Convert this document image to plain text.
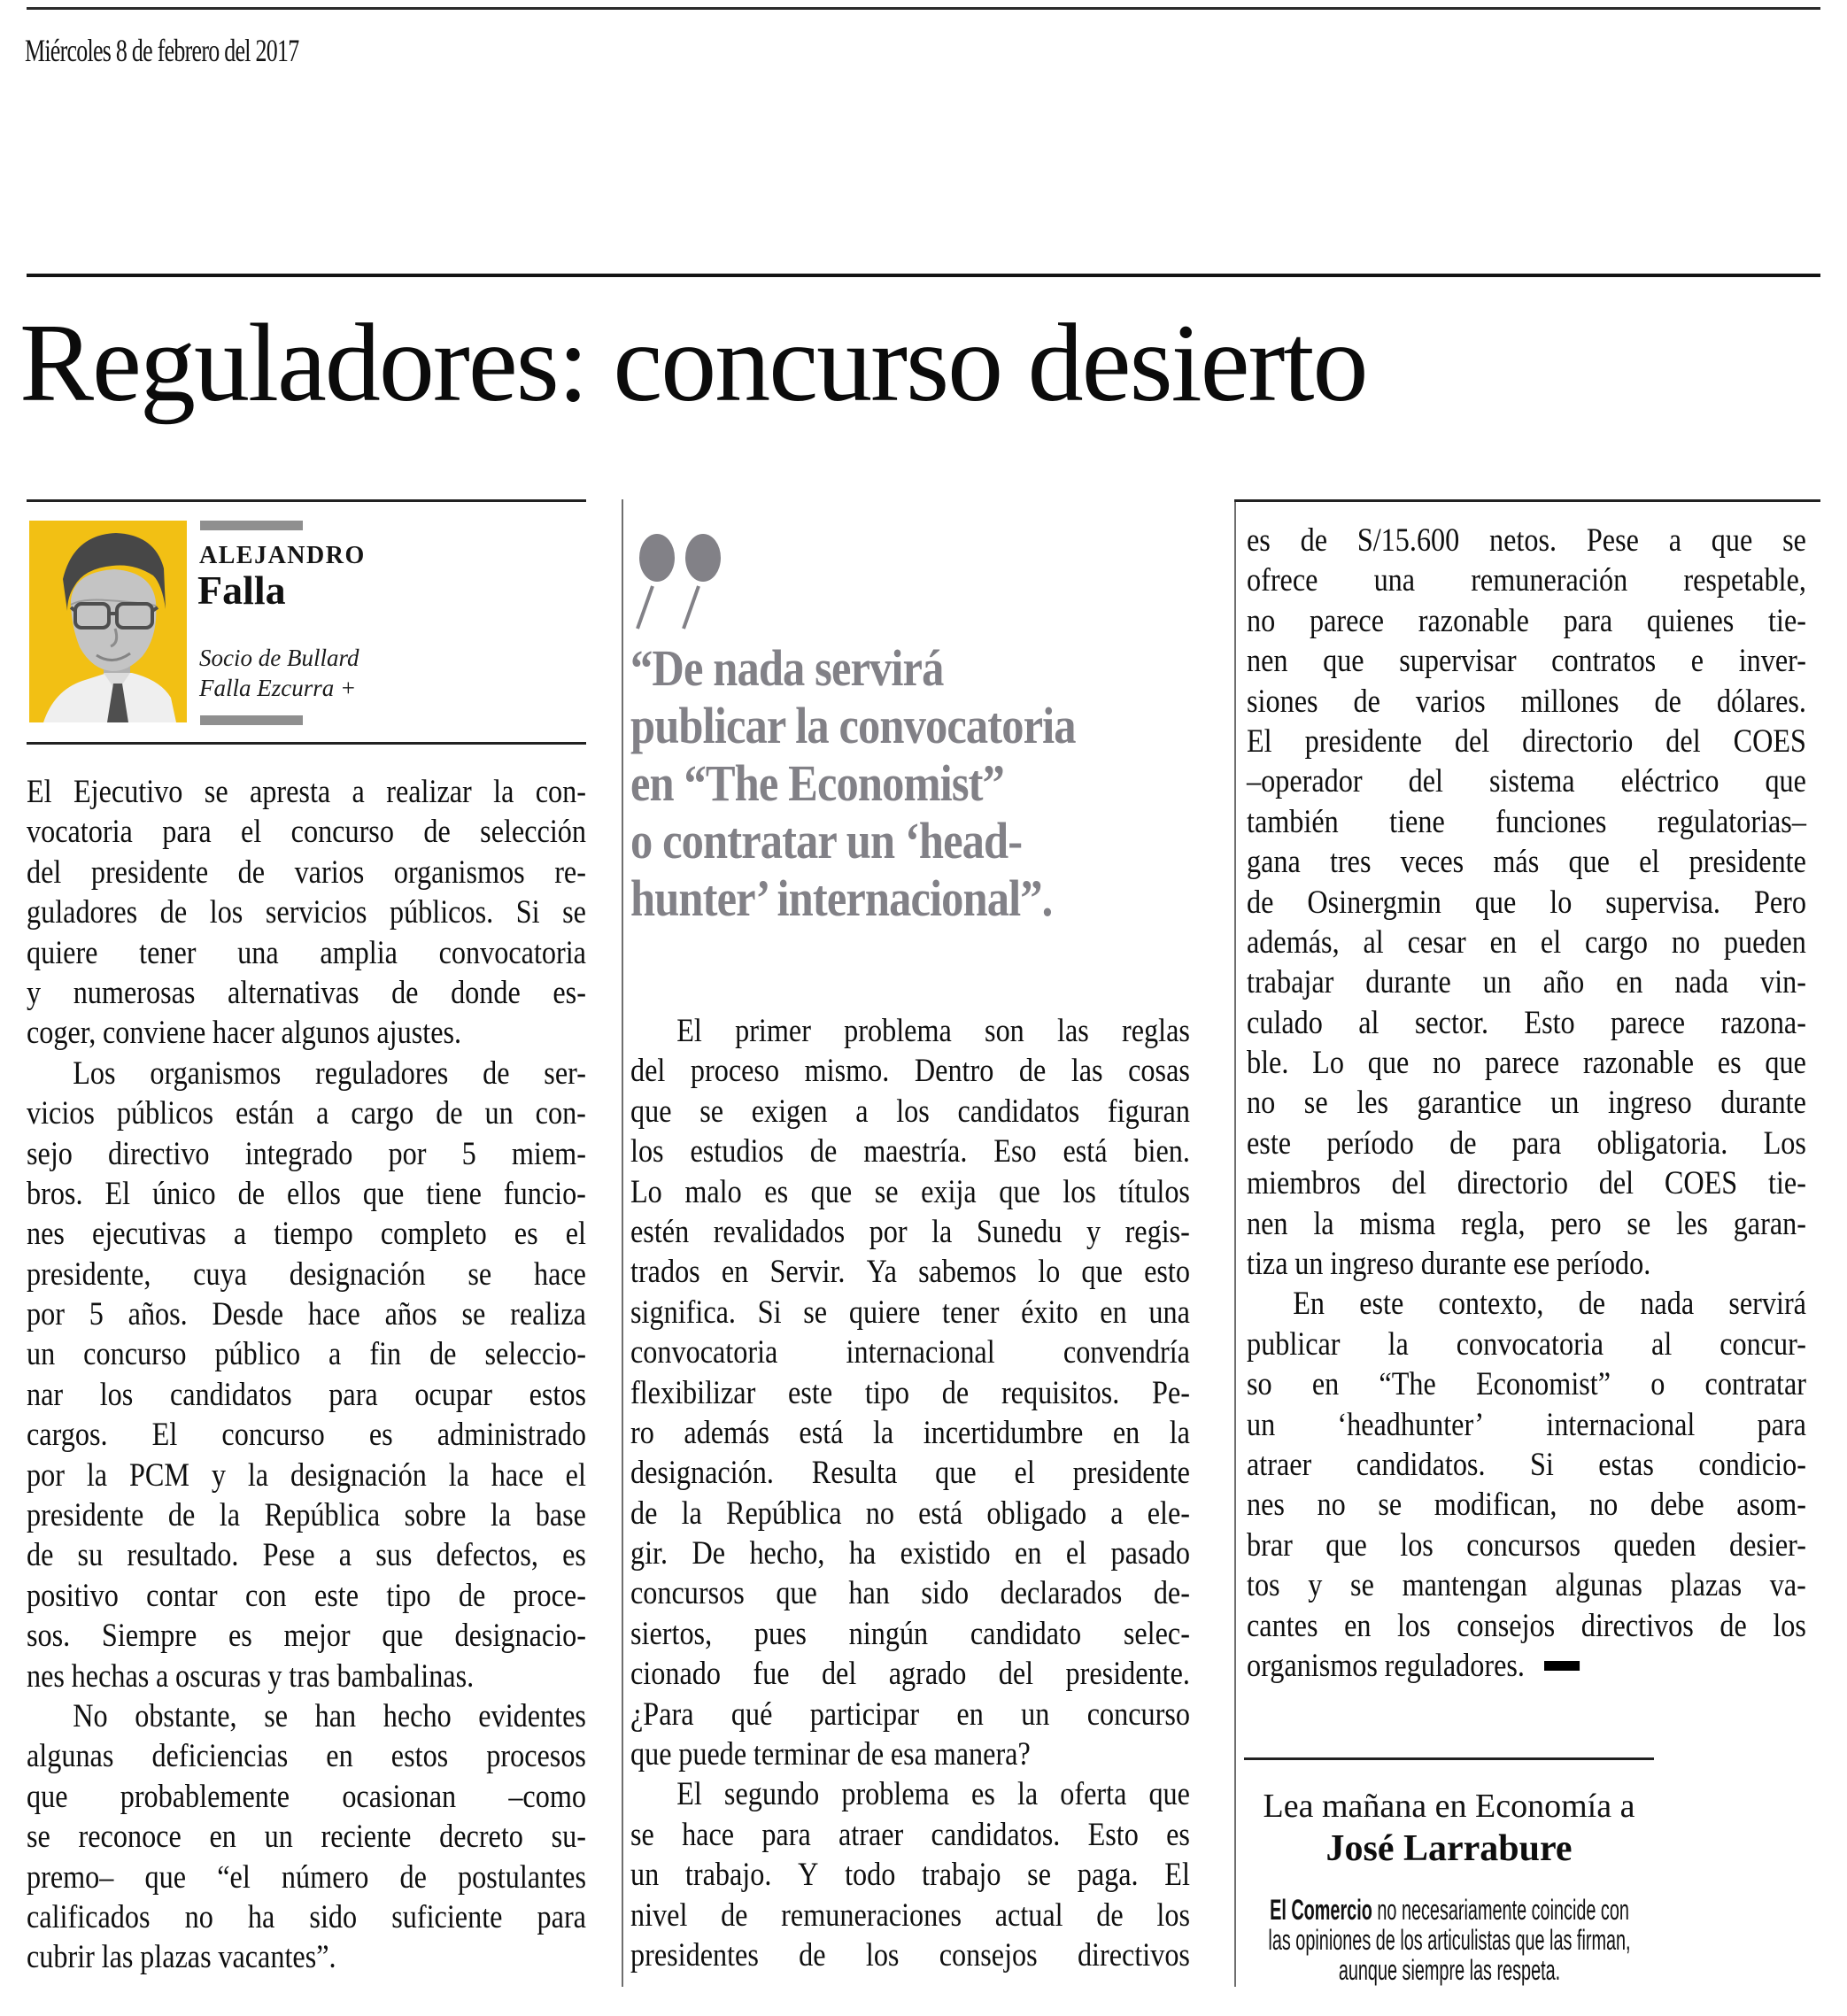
Miércoles 8 de febrero del 2017
Reguladores: concurso desierto
ALEJANDRO
Falla
Socio de Bullard
Falla Ezcurra +	“De nada servirá
publicar la convocatoria
en “The Economist”
o contratar un ‘head-
hunter’ internacional”.
El Ejecutivo se apresta a realizar la con-
vocatoria para el concurso de selección
del presidente de varios organismos re-
guladores de los servicios públicos. Si se
quiere tener una amplia convocatoria
y numerosas alternativas de donde es-
coger, conviene hacer algunos ajustes.
Los organismos reguladores de ser-
vicios públicos están a cargo de un con-
sejo directivo integrado por 5 miem-
bros. El único de ellos que tiene funcio-
nes ejecutivas a tiempo completo es el
presidente, cuya designación se hace
por 5 años. Desde hace años se realiza
un concurso público a fin de seleccio-
nar los candidatos para ocupar estos
cargos. El concurso es administrado
por la PCM y la designación la hace el
presidente de la República sobre la base
de su resultado. Pese a sus defectos, es
positivo contar con este tipo de proce-
sos. Siempre es mejor que designacio-
nes hechas a oscuras y tras bambalinas.
No obstante, se han hecho evidentes
algunas deficiencias en estos procesos
que probablemente ocasionan –como
se reconoce en un reciente decreto su-
premo– que “el número de postulantes
calificados no ha sido suficiente para
cubrir las plazas vacantes”.
El primer problema son las reglas
del proceso mismo. Dentro de las cosas
que se exigen a los candidatos figuran
los estudios de maestría. Eso está bien.
Lo malo es que se exija que los títulos
estén revalidados por la Sunedu y regis-
trados en Servir. Ya sabemos lo que esto
significa. Si se quiere tener éxito en una
convocatoria internacional convendría
flexibilizar este tipo de requisitos. Pe-
ro además está la incertidumbre en la
designación. Resulta que el presidente
de la República no está obligado a ele-
gir. De hecho, ha existido en el pasado
concursos que han sido declarados de-
siertos, pues ningún candidato selec-
cionado fue del agrado del presidente.
¿Para qué participar en un concurso
que puede terminar de esa manera?
El segundo problema es la oferta que
se hace para atraer candidatos. Esto es
un trabajo. Y todo trabajo se paga. El
nivel de remuneraciones actual de los
presidentes de los consejos directivos
es de S/15.600 netos. Pese a que se
ofrece una remuneración respetable,
no parece razonable para quienes tie-
nen que supervisar contratos e inver-
siones de varios millones de dólares.
El presidente del directorio del COES
–operador del sistema eléctrico que
también tiene funciones regulatorias–
gana tres veces más que el presidente
de Osinergmin que lo supervisa. Pero
además, al cesar en el cargo no pueden
trabajar durante un año en nada vin-
culado al sector. Esto parece razona-
ble. Lo que no parece razonable es que
no se les garantice un ingreso durante
este período de para obligatoria. Los
miembros del directorio del COES tie-
nen la misma regla, pero se les garan-
tiza un ingreso durante ese período.
En este contexto, de nada servirá
publicar la convocatoria al concur-
so en “The Economist” o contratar
un ‘headhunter’ internacional para
atraer candidatos. Si estas condicio-
nes no se modifican, no debe asom-
brar que los concursos queden desier-
tos y se mantengan algunas plazas va-
cantes en los consejos directivos de los
organismos reguladores.
Lea mañana en Economía a
José Larrabure
El Comercio no necesariamente coincide con
las opiniones de los articulistas que las firman,
aunque siempre las respeta.
